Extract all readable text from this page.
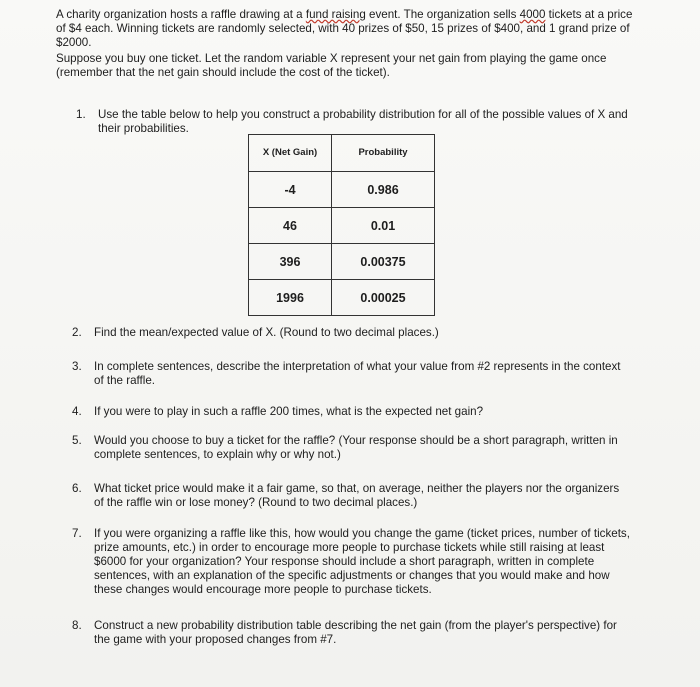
A charity organization hosts a raffle drawing at a fund raising event. The organization sells 4000 tickets at a price of $4 each. Winning tickets are randomly selected, with 40 prizes of $50, 15 prizes of $400, and 1 grand prize of $2000.

Suppose you buy one ticket. Let the random variable X represent your net gain from playing the game once (remember that the net gain should include the cost of the ticket).

1.	Use the table below to help you construct a probability distribution for all of the possible values of X and their probabilities.
X (Net Gain)	Probability
-4	0.986
46	0.01
396	0.00375
1996	0.00025
2.	Find the mean/expected value of X. (Round to two decimal places.)
3.	In complete sentences, describe the interpretation of what your value from #2 represents in the context of the raffle.
4.	If you were to play in such a raffle 200 times, what is the expected net gain?
5.	Would you choose to buy a ticket for the raffle? (Your response should be a short paragraph, written in complete sentences, to explain why or why not.)
6.	What ticket price would make it a fair game, so that, on average, neither the players nor the organizers of the raffle win or lose money? (Round to two decimal places.)
7.	If you were organizing a raffle like this, how would you change the game (ticket prices, number of tickets, prize amounts, etc.) in order to encourage more people to purchase tickets while still raising at least $6000 for your organization? Your response should include a short paragraph, written in complete sentences, with an explanation of the specific adjustments or changes that you would make and how these changes would encourage more people to purchase tickets.
8.	Construct a new probability distribution table describing the net gain (from the player's perspective) for the game with your proposed changes from #7.
